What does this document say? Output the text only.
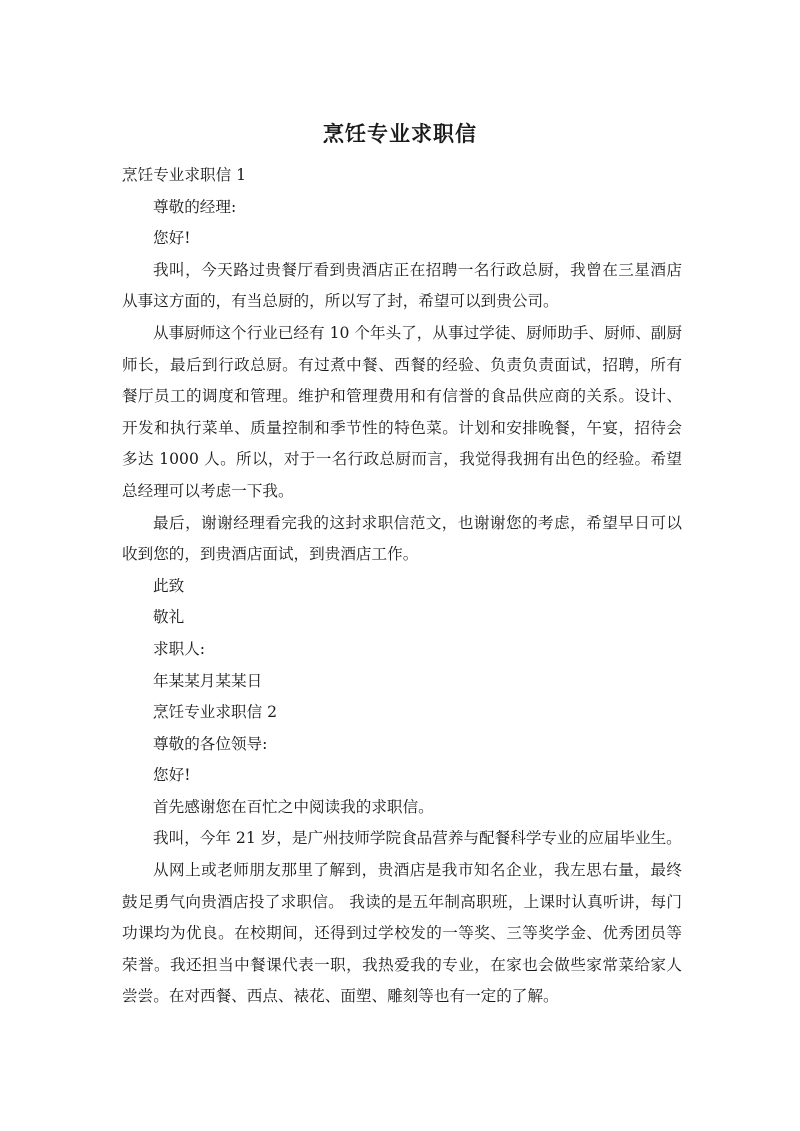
烹饪专业求职信

烹饪专业求职信 1

尊敬的经理:

您好!

我叫，今天路过贵餐厅看到贵酒店正在招聘一名行政总厨，我曾在三星酒店从事这方面的，有当总厨的，所以写了封，希望可以到贵公司。

从事厨师这个行业已经有 10 个年头了，从事过学徒、厨师助手、厨师、副厨师长，最后到行政总厨。有过煮中餐、西餐的经验、负责负责面试，招聘，所有餐厅员工的调度和管理。维护和管理费用和有信誉的食品供应商的关系。设计、开发和执行菜单、质量控制和季节性的特色菜。计划和安排晚餐，午宴，招待会多达 1000 人。所以，对于一名行政总厨而言，我觉得我拥有出色的经验。希望总经理可以考虑一下我。

最后，谢谢经理看完我的这封求职信范文，也谢谢您的考虑，希望早日可以收到您的，到贵酒店面试，到贵酒店工作。

此致

敬礼

求职人:

年某某月某某日

烹饪专业求职信 2

尊敬的各位领导:

您好!

首先感谢您在百忙之中阅读我的求职信。

我叫，今年 21 岁，是广州技师学院食品营养与配餐科学专业的应届毕业生。

从网上或老师朋友那里了解到，贵酒店是我市知名企业，我左思右量，最终鼓足勇气向贵酒店投了求职信。 我读的是五年制高职班，上课时认真听讲，每门功课均为优良。在校期间，还得到过学校发的一等奖、三等奖学金、优秀团员等荣誉。我还担当中餐课代表一职，我热爱我的专业，在家也会做些家常菜给家人尝尝。在对西餐、西点、裱花、面塑、雕刻等也有一定的了解。
